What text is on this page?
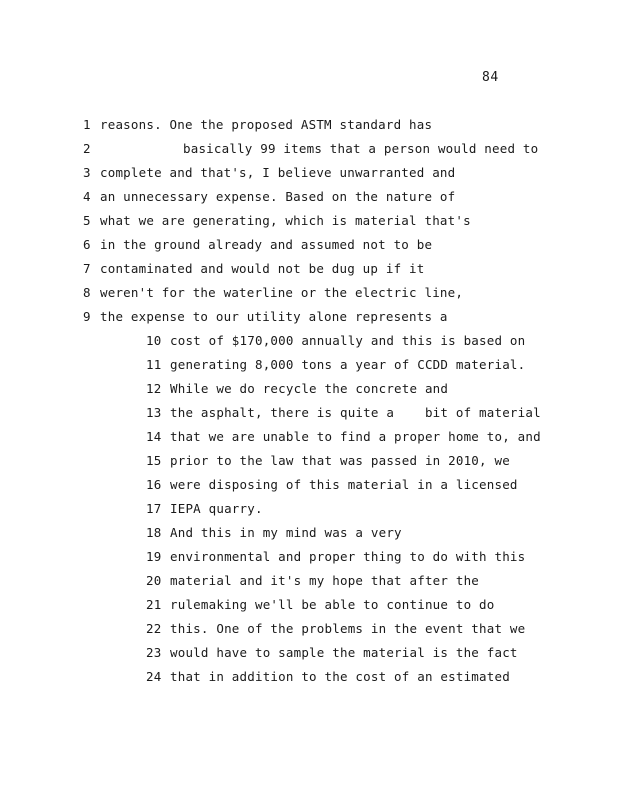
84
1 reasons. One the proposed ASTM standard has
2	basically 99 items that a person would need to
3 complete and that's, I believe unwarranted and
4 an unnecessary expense. Based on the nature of
5 what we are generating, which is material that's
6 in the ground already and assumed not to be
7 contaminated and would not be dug up if it
8 weren't for the waterline or the electric line,
9 the expense to our utility alone represents a
10 cost of $170,000 annually and this is based on
11 generating 8,000 tons a year of CCDD material.
12 While we do recycle the concrete and
13 the asphalt, there is quite a    bit of material
14 that we are unable to find a proper home to, and
15 prior to the law that was passed in 2010, we
16 were disposing of this material in a licensed
17 IEPA quarry.
18 And this in my mind was a very
19 environmental and proper thing to do with this
20 material and it's my hope that after the
21 rulemaking we'll be able to continue to do
22 this. One of the problems in the event that we
23 would have to sample the material is the fact
24 that in addition to the cost of an estimated
